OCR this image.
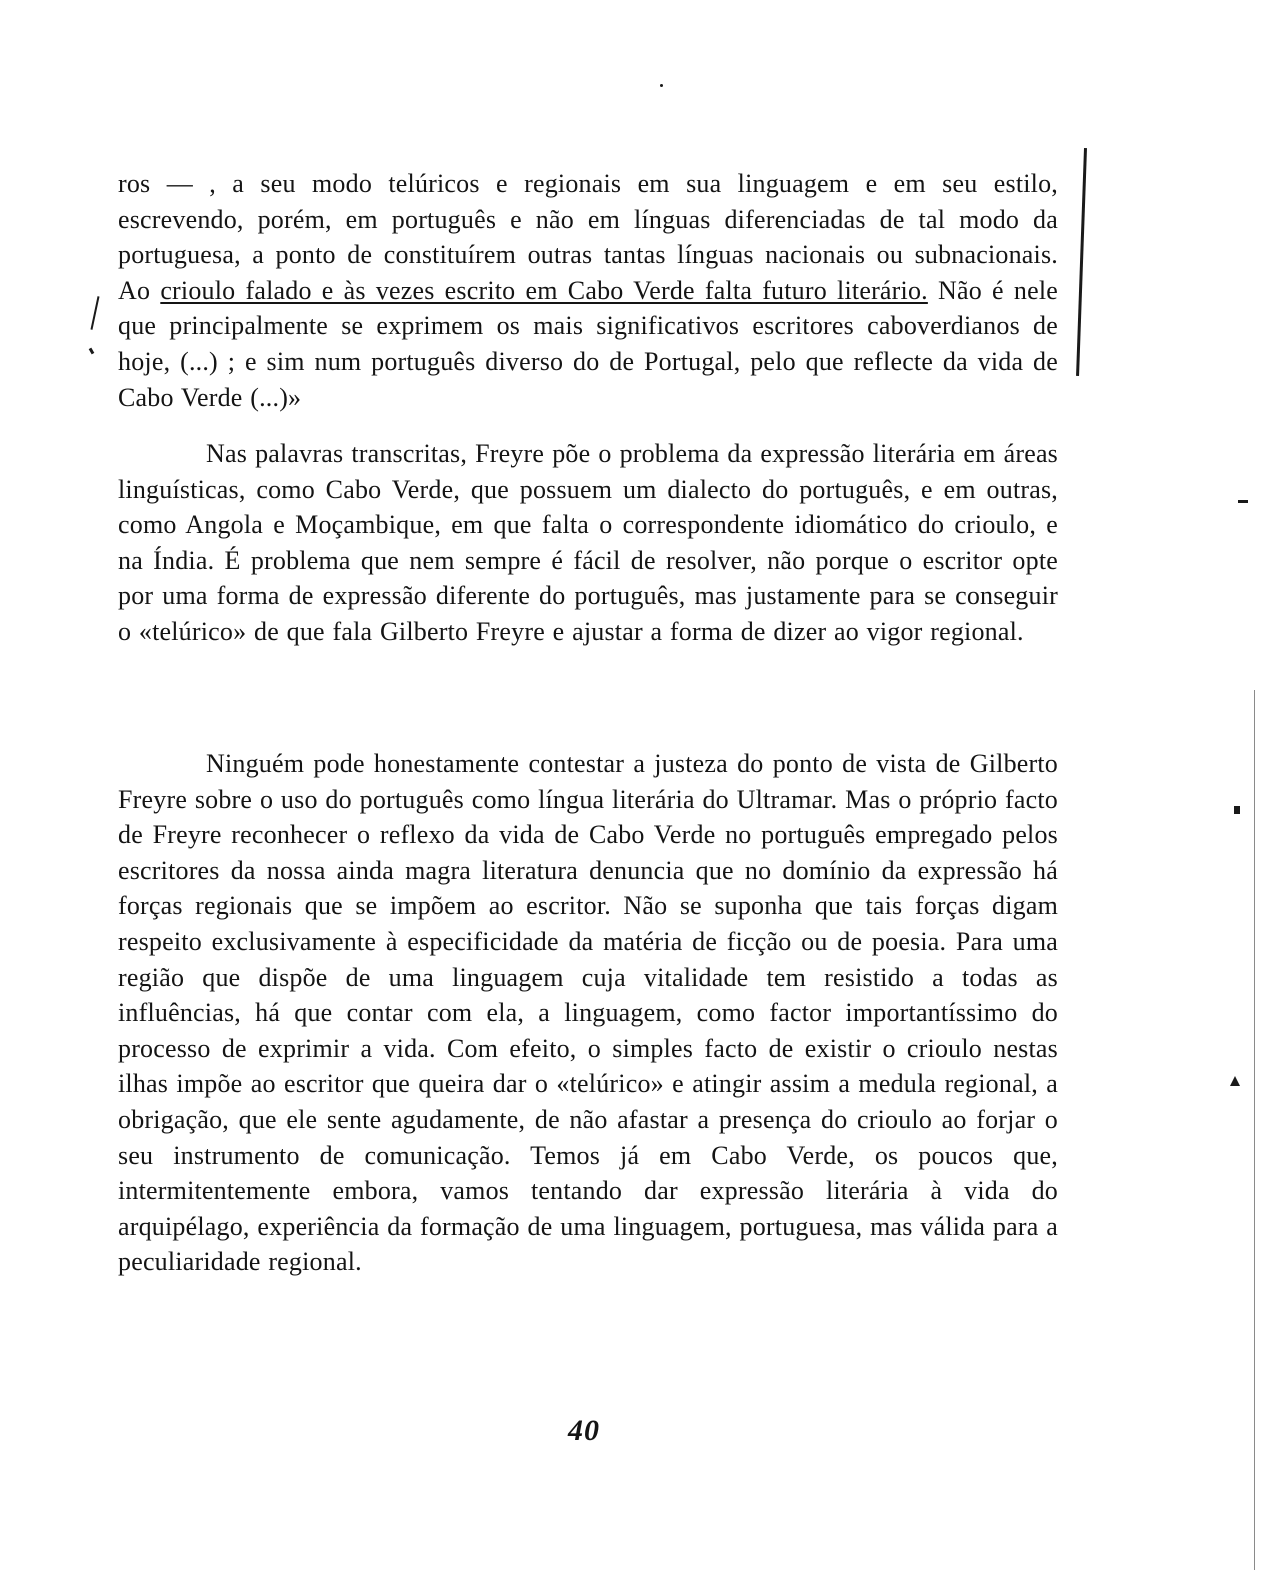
ros — , a seu modo telúricos e regionais em sua linguagem e em seu estilo, escrevendo, porém, em português e não em línguas diferenciadas de tal modo da portuguesa, a ponto de constituírem outras tantas línguas nacionais ou subnacionais. Ao crioulo falado e às vezes escrito em Cabo Verde falta futuro literário. Não é nele que principalmente se exprimem os mais significativos escritores caboverdianos de hoje, (...) ; e sim num português diverso do de Portugal, pelo que reflecte da vida de Cabo Verde (...)»

Nas palavras transcritas, Freyre põe o problema da expressão literária em áreas linguísticas, como Cabo Verde, que possuem um dialecto do português, e em outras, como Angola e Moçambique, em que falta o correspondente idiomático do crioulo, e na Índia. É problema que nem sempre é fácil de resolver, não porque o escritor opte por uma forma de expressão diferente do português, mas justamente para se conseguir o «telúrico» de que fala Gilberto Freyre e ajustar a forma de dizer ao vigor regional.

Ninguém pode honestamente contestar a justeza do ponto de vista de Gilberto Freyre sobre o uso do português como língua literária do Ultramar. Mas o próprio facto de Freyre reconhecer o reflexo da vida de Cabo Verde no português empregado pelos escritores da nossa ainda magra literatura denuncia que no domínio da expressão há forças regionais que se impõem ao escritor. Não se suponha que tais forças digam respeito exclusivamente à especificidade da matéria de ficção ou de poesia. Para uma região que dispõe de uma linguagem cuja vitalidade tem resistido a todas as influências, há que contar com ela, a linguagem, como factor importantíssimo do processo de exprimir a vida. Com efeito, o simples facto de existir o crioulo nestas ilhas impõe ao escritor que queira dar o «telúrico» e atingir assim a medula regional, a obrigação, que ele sente agudamente, de não afastar a presença do crioulo ao forjar o seu instrumento de comunicação. Temos já em Cabo Verde, os poucos que, intermitentemente embora, vamos tentando dar expressão literária à vida do arquipélago, experiência da formação de uma linguagem, portuguesa, mas válida para a peculiaridade regional.

40
